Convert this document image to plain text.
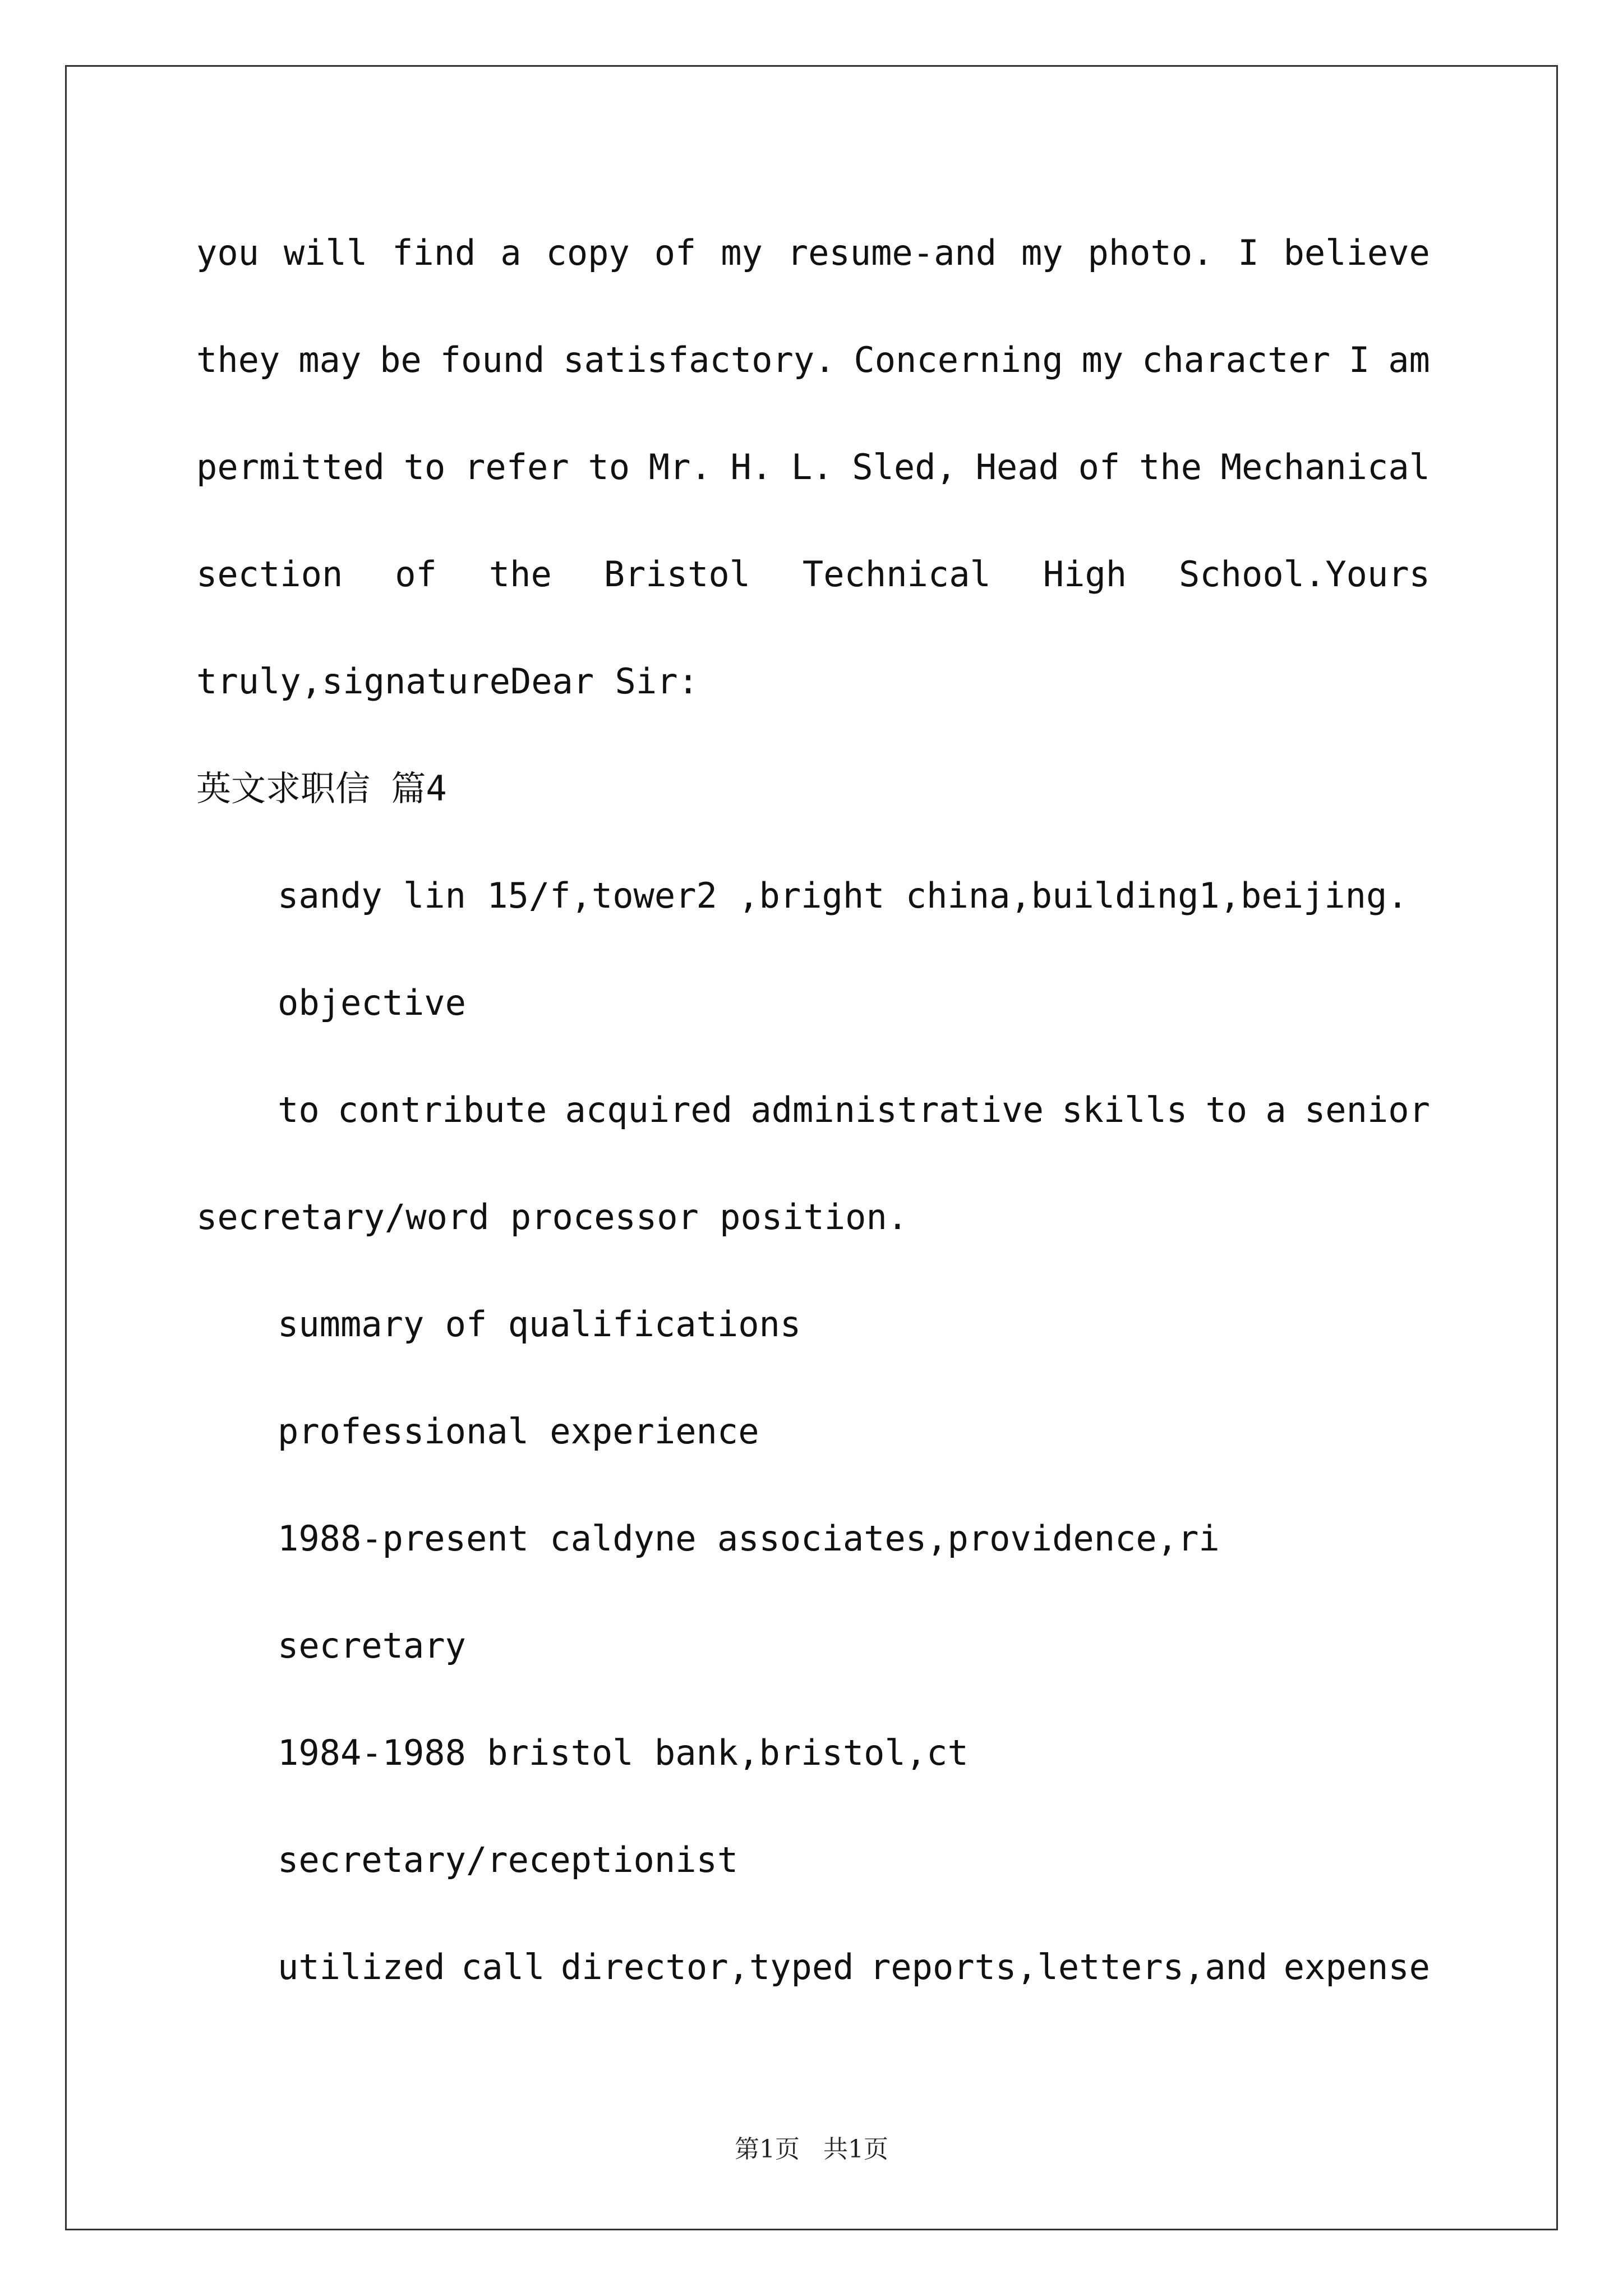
you will find a copy of my resume-and my photo. I believe
they may be found satisfactory. Concerning my character I am
permitted to refer to Mr. H. L. Sled, Head of the Mechanical
section of the Bristol Technical High School.Yours
truly,signatureDear Sir:
英文求职信 篇4
sandy lin 15/f,tower2 ,bright china,building1,beijing.
objective
to contribute acquired administrative skills to a senior
secretary/word processor position.
summary of qualifications
professional experience
1988-present caldyne associates,providence,ri
secretary
1984-1988 bristol bank,bristol,ct
secretary/receptionist
utilized call director,typed reports,letters,and expense
第1页 共1页
